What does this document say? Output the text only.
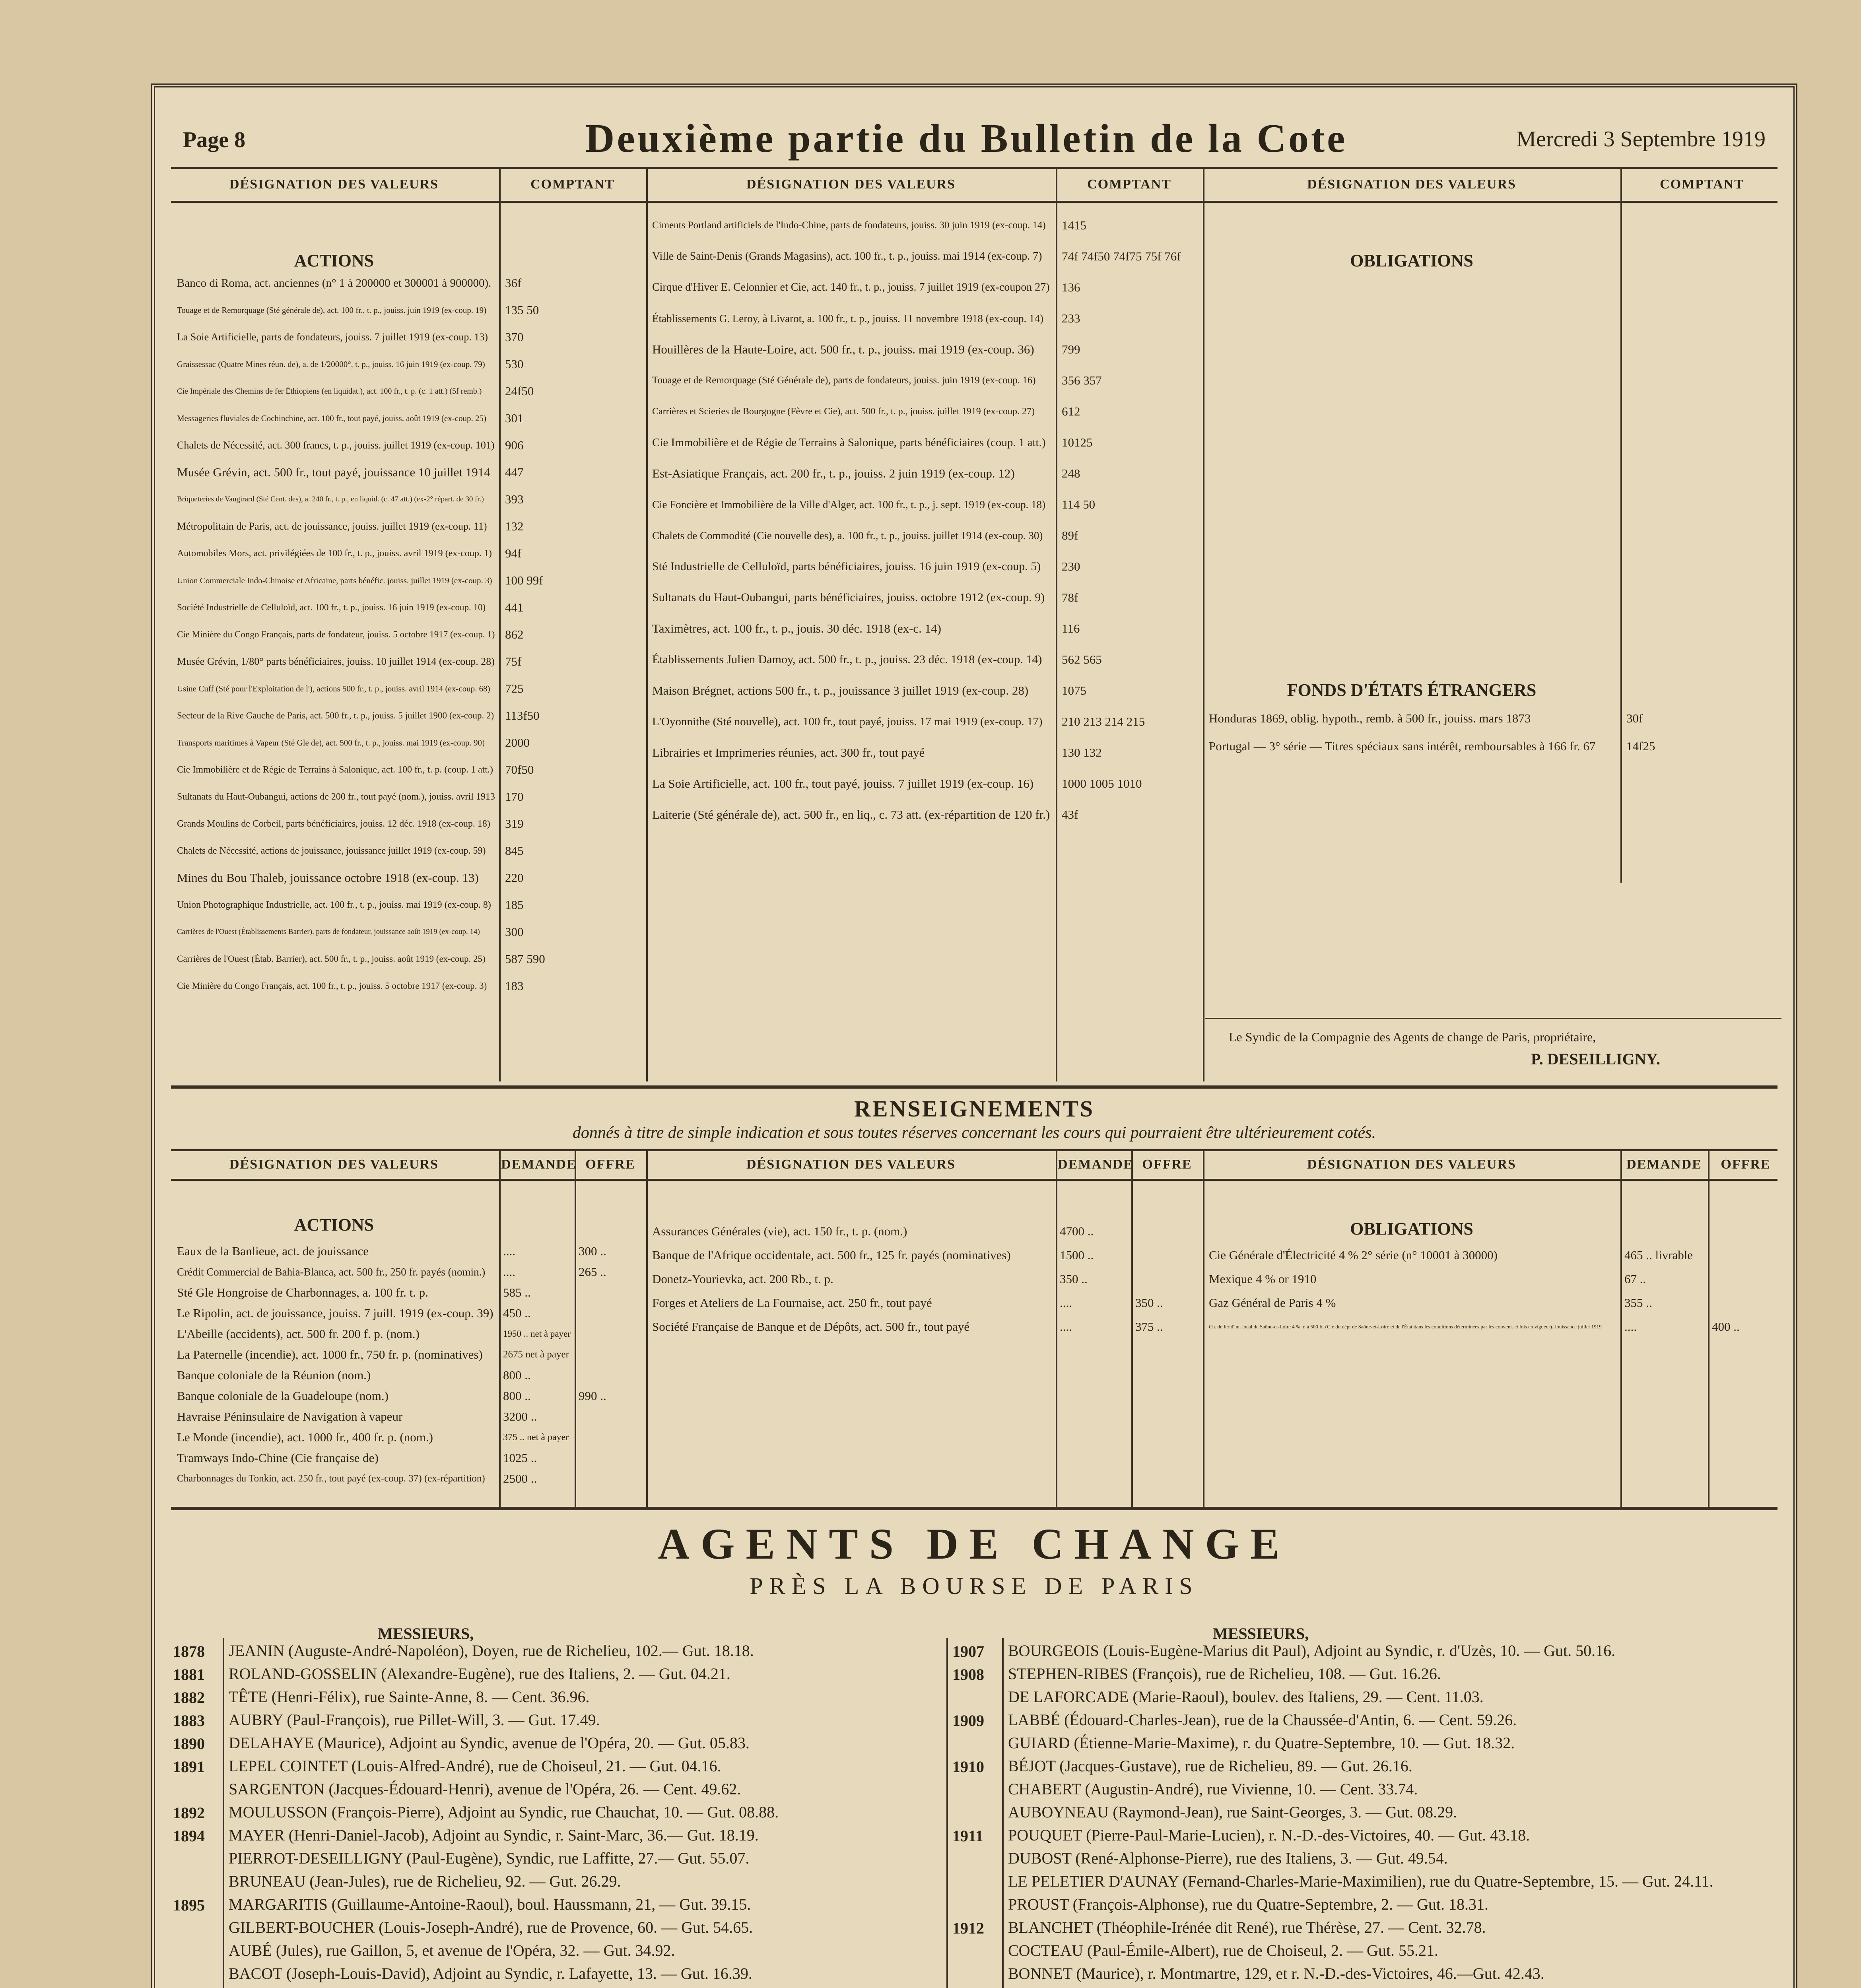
Page 8	Deuxième partie du Bulletin de la Cote	Mercredi 3 Septembre 1919
DÉSIGNATION DES VALEURS	COMPTANT	DÉSIGNATION DES VALEURS	COMPTANT	DÉSIGNATION DES VALEURS	COMPTANT
ACTIONS
Banco di Roma, act. anciennes (n° 1 à 200000 et 300001 à 900000). 36f
Touage et de Remorquage (Sté générale de), act. 100 fr., t. p., jouiss. juin 1919 (ex-coup. 19) 135 50
La Soie Artificielle, parts de fondateurs, jouiss. 7 juillet 1919 (ex-coup. 13) 370
Graissessac (Quatre Mines réun. de), a. de 1/20000°, t. p., jouiss. 16 juin 1919 (ex-coup. 79) 530
Cie Impériale des Chemins de fer Éthiopiens (en liquidat.), act. 100 fr., t. p. (c. 1 att.) (5f remb.) 24f50
Messageries fluviales de Cochinchine, act. 100 fr., tout payé, jouiss. août 1919 (ex-coup. 25) 301
Chalets de Nécessité, act. 300 francs, t. p., jouiss. juillet 1919 (ex-coup. 101) 906
Musée Grévin, act. 500 fr., tout payé, jouissance 10 juillet 1914 447
Briqueteries de Vaugirard (Sté Cent. des), a. 240 fr., t. p., en liquid. (c. 47 att.) (ex-2° répart. de 30 fr.) 393
Métropolitain de Paris, act. de jouissance, jouiss. juillet 1919 (ex-coup. 11) 132
Automobiles Mors, act. privilégiées de 100 fr., t. p., jouiss. avril 1919 (ex-coup. 1) 94f
Union Commerciale Indo-Chinoise et Africaine, parts bénéfic. jouiss. juillet 1919 (ex-coup. 3) 100 99f
Société Industrielle de Celluloïd, act. 100 fr., t. p., jouiss. 16 juin 1919 (ex-coup. 10) 441
Cie Minière du Congo Français, parts de fondateur, jouiss. 5 octobre 1917 (ex-coup. 1) 862
Musée Grévin, 1/80° parts bénéficiaires, jouiss. 10 juillet 1914 (ex-coup. 28) 75f
Usine Cuff (Sté pour l'Exploitation de l'), actions 500 fr., t. p., jouiss. avril 1914 (ex-coup. 68) 725
Secteur de la Rive Gauche de Paris, act. 500 fr., t. p., jouiss. 5 juillet 1900 (ex-coup. 2) 113f50
Transports maritimes à Vapeur (Sté Gle de), act. 500 fr., t. p., jouiss. mai 1919 (ex-coup. 90) 2000
Cie Immobilière et de Régie de Terrains à Salonique, act. 100 fr., t. p. (coup. 1 att.) 70f50
Sultanats du Haut-Oubangui, actions de 200 fr., tout payé (nom.), jouiss. avril 1913 170
Grands Moulins de Corbeil, parts bénéficiaires, jouiss. 12 déc. 1918 (ex-coup. 18) 319
Chalets de Nécessité, actions de jouissance, jouissance juillet 1919 (ex-coup. 59) 845
Mines du Bou Thaleb, jouissance octobre 1918 (ex-coup. 13) 220
Union Photographique Industrielle, act. 100 fr., t. p., jouiss. mai 1919 (ex-coup. 8) 185
Carrières de l'Ouest (Établissements Barrier), parts de fondateur, jouissance août 1919 (ex-coup. 14) 300
Carrières de l'Ouest (Étab. Barrier), act. 500 fr., t. p., jouiss. août 1919 (ex-coup. 25) 587 590
Cie Minière du Congo Français, act. 100 fr., t. p., jouiss. 5 octobre 1917 (ex-coup. 3) 183
Ciments Portland artificiels de l'Indo-Chine, parts de fondateurs, jouiss. 30 juin 1919 (ex-coup. 14) 1415
Ville de Saint-Denis (Grands Magasins), act. 100 fr., t. p., jouiss. mai 1914 (ex-coup. 7) 74f 74f50 74f75 75f 76f
Cirque d'Hiver E. Celonnier et Cie, act. 140 fr., t. p., jouiss. 7 juillet 1919 (ex-coupon 27) 136
Établissements G. Leroy, à Livarot, a. 100 fr., t. p., jouiss. 11 novembre 1918 (ex-coup. 14) 233
Houillères de la Haute-Loire, act. 500 fr., t. p., jouiss. mai 1919 (ex-coup. 36) 799
Touage et de Remorquage (Sté Générale de), parts de fondateurs, jouiss. juin 1919 (ex-coup. 16) 356 357
Carrières et Scieries de Bourgogne (Fèvre et Cie), act. 500 fr., t. p., jouiss. juillet 1919 (ex-coup. 27) 612
Cie Immobilière et de Régie de Terrains à Salonique, parts bénéficiaires (coup. 1 att.) 10125
Est-Asiatique Français, act. 200 fr., t. p., jouiss. 2 juin 1919 (ex-coup. 12)	248
Cie Foncière et Immobilière de la Ville d'Alger, act. 100 fr., t. p., j. sept. 1919 (ex-coup. 18) 114 50
Chalets de Commodité (Cie nouvelle des), a. 100 fr., t. p., jouiss. juillet 1914 (ex-coup. 30) 89f
Sté Industrielle de Celluloïd, parts bénéficiaires, jouiss. 16 juin 1919 (ex-coup. 5) 230
Sultanats du Haut-Oubangui, parts bénéficiaires, jouiss. octobre 1912 (ex-coup. 9) 78f
Taximètres, act. 100 fr., t. p., jouis. 30 déc. 1918 (ex-c. 14)	116
Établissements Julien Damoy, act. 500 fr., t. p., jouiss. 23 déc. 1918 (ex-coup. 14) 562 565
Maison Brégnet, actions 500 fr., t. p., jouissance 3 juillet 1919 (ex-coup. 28)	1075
L'Oyonnithe (Sté nouvelle), act. 100 fr., tout payé, jouiss. 17 mai 1919 (ex-coup. 17) 210 213 214 215
Librairies et Imprimeries réunies, act. 300 fr., tout payé	130 132
La Soie Artificielle, act. 100 fr., tout payé, jouiss. 7 juillet 1919 (ex-coup. 16) 1000 1005 1010
Laiterie (Sté générale de), act. 500 fr., en liq., c. 73 att. (ex-répartition de 120 fr.) 43f
OBLIGATIONS
FONDS D'ÉTATS ÉTRANGERS
Honduras 1869, oblig. hypoth., remb. à 500 fr., jouiss. mars 1873	30f
Portugal — 3° série — Titres spéciaux sans intérêt, remboursables à 166 fr. 67	14f25
Le Syndic de la Compagnie des Agents de change de Paris, propriétaire,
P. DESEILLIGNY.
RENSEIGNEMENTS
donnés à titre de simple indication et sous toutes réserves concernant les cours qui pourraient être ultérieurement cotés.
DÉSIGNATION DES VALEURS	DEMANDE OFFRE	DÉSIGNATION DES VALEURS	DEMANDE OFFRE	DÉSIGNATION DES VALEURS	DEMANDE	OFFRE
ACTIONS	OBLIGATIONS
Eaux de la Banlieue, act. de jouissance	....	300 ..
Crédit Commercial de Bahia-Blanca, act. 500 fr., 250 fr. payés (nomin.) ....	265 ..
Sté Gle Hongroise de Charbonnages, a. 100 fr. t. p.	585 ..
Le Ripolin, act. de jouissance, jouiss. 7 juill. 1919 (ex-coup. 39) 450 ..
L'Abeille (accidents), act. 500 fr. 200 f. p. (nom.)	1950 .. net à payer
La Paternelle (incendie), act. 1000 fr., 750 fr. p. (nominatives) 2675 net à payer
Banque coloniale de la Réunion (nom.)	800 ..
Banque coloniale de la Guadeloupe (nom.)	800 ..	990 ..
Havraise Péninsulaire de Navigation à vapeur	3200 ..
Le Monde (incendie), act. 1000 fr., 400 fr. p. (nom.)	375 .. net à payer
Tramways Indo-Chine (Cie française de)	1025 ..
Charbonnages du Tonkin, act. 250 fr., tout payé (ex-coup. 37) (ex-répartition) 2500 ..
Assurances Générales (vie), act. 150 fr., t. p. (nom.)	4700 ..
Banque de l'Afrique occidentale, act. 500 fr., 125 fr. payés (nominatives)	1500 ..
Donetz-Yourievka, act. 200 Rb., t. p.	350 ..
Forges et Ateliers de La Fournaise, act. 250 fr., tout payé	....	350 ..
Société Française de Banque et de Dépôts, act. 500 fr., tout payé	....	375 ..
Cie Générale d'Électricité 4 % 2° série (n° 10001 à 30000)	465 .. livrable
Mexique 4 % or 1910	67 ..
Gaz Général de Paris 4 %	355 ..
Ch. de fer d'int. local de Saône-et-Loire 4 %, r. à 500 fr. (Cie du dépt de Saône-et-Loire et de l'État dans les conditions déterminées par les convent. et lois en vigueur). Jouissance juillet 1919 ....	400 ..
AGENTS DE CHANGE
PRÈS LA BOURSE DE PARIS
MESSIEURS,	MESSIEURS,
1878 JEANIN (Auguste-André-Napoléon), Doyen, rue de Richelieu, 102.— Gut. 18.18.
1881 ROLAND-GOSSELIN (Alexandre-Eugène), rue des Italiens, 2. — Gut. 04.21.
1882 TÊTE (Henri-Félix), rue Sainte-Anne, 8. — Cent. 36.96.
1883 AUBRY (Paul-François), rue Pillet-Will, 3. — Gut. 17.49.
1890 DELAHAYE (Maurice), Adjoint au Syndic, avenue de l'Opéra, 20. — Gut. 05.83.
1891 LEPEL COINTET (Louis-Alfred-André), rue de Choiseul, 21. — Gut. 04.16.
SARGENTON (Jacques-Édouard-Henri), avenue de l'Opéra, 26. — Cent. 49.62.
1892 MOULUSSON (François-Pierre), Adjoint au Syndic, rue Chauchat, 10. — Gut. 08.88.
1894 MAYER (Henri-Daniel-Jacob), Adjoint au Syndic, r. Saint-Marc, 36.— Gut. 18.19.
PIERROT-DESEILLIGNY (Paul-Eugène), Syndic, rue Laffitte, 27.— Gut. 55.07.
BRUNEAU (Jean-Jules), rue de Richelieu, 92. — Gut. 26.29.
1895 MARGARITIS (Guillaume-Antoine-Raoul), boul. Haussmann, 21, — Gut. 39.15.
GILBERT-BOUCHER (Louis-Joseph-André), rue de Provence, 60. — Gut. 54.65.
AUBÉ (Jules), rue Gaillon, 5, et avenue de l'Opéra, 32. — Gut. 34.92.
BACOT (Joseph-Louis-David), Adjoint au Syndic, r. Lafayette, 13. — Gut. 16.39.
1907 BOURGEOIS (Louis-Eugène-Marius dit Paul), Adjoint au Syndic, r. d'Uzès, 10. — Gut. 50.16.
1908 STEPHEN-RIBES (François), rue de Richelieu, 108. — Gut. 16.26.
DE LAFORCADE (Marie-Raoul), boulev. des Italiens, 29. — Cent. 11.03.
1909 LABBÉ (Édouard-Charles-Jean), rue de la Chaussée-d'Antin, 6. — Cent. 59.26.
GUIARD (Étienne-Marie-Maxime), r. du Quatre-Septembre, 10. — Gut. 18.32.
1910 BÉJOT (Jacques-Gustave), rue de Richelieu, 89. — Gut. 26.16.
CHABERT (Augustin-André), rue Vivienne, 10. — Cent. 33.74.
AUBOYNEAU (Raymond-Jean), rue Saint-Georges, 3. — Gut. 08.29.
1911 POUQUET (Pierre-Paul-Marie-Lucien), r. N.-D.-des-Victoires, 40. — Gut. 43.18.
DUBOST (René-Alphonse-Pierre), rue des Italiens, 3. — Gut. 49.54.
LE PELETIER D'AUNAY (Fernand-Charles-Marie-Maximilien), rue du Quatre-Septembre, 15. — Gut. 24.11.
PROUST (François-Alphonse), rue du Quatre-Septembre, 2. — Gut. 18.31.
1912 BLANCHET (Théophile-Irénée dit René), rue Thérèse, 27. — Cent. 32.78.
COCTEAU (Paul-Émile-Albert), rue de Choiseul, 2. — Gut. 55.21.
BONNET (Maurice), r. Montmartre, 129, et r. N.-D.-des-Victoires, 46.—Gut. 42.43.
